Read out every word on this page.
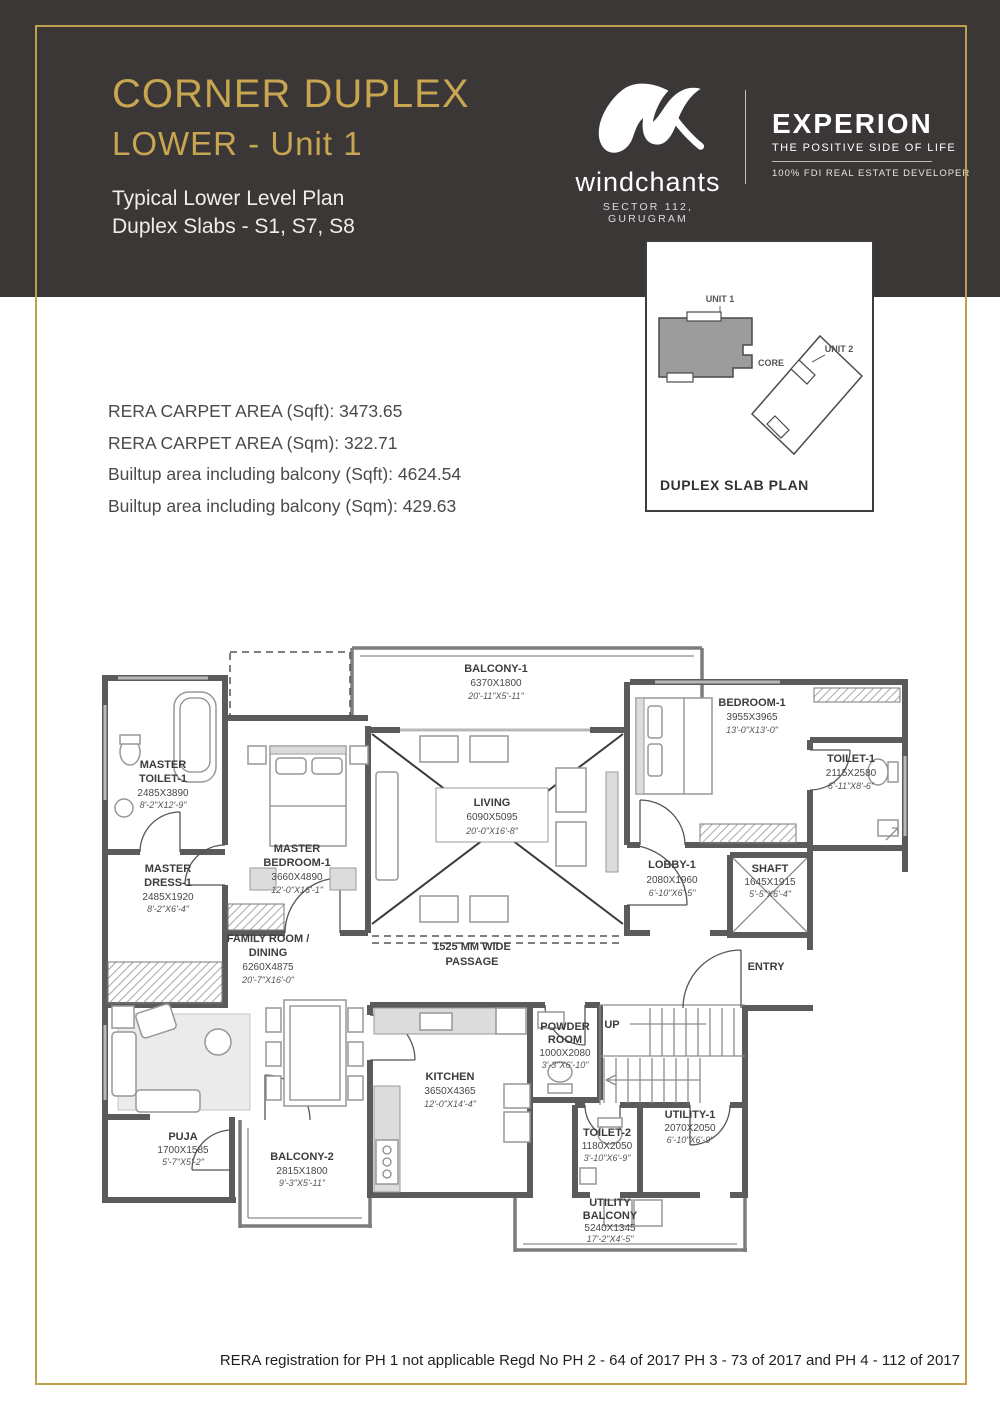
CORNER DUPLEX
LOWER - Unit 1
Typical Lower Level Plan
Duplex Slabs - S1, S7, S8
windchants
SECTOR 112, GURUGRAM
EXPERION
THE POSITIVE SIDE OF LIFE
100% FDI REAL ESTATE DEVELOPER
UNIT 1
CORE
UNIT 2
DUPLEX SLAB PLAN
RERA CARPET AREA (Sqft): 3473.65
RERA CARPET AREA (Sqm): 322.71
Builtup area including balcony (Sqft): 4624.54
Builtup area including balcony (Sqm): 429.63
MASTER
TOILET-1
2485X3890
8'-2"X12'-9"
MASTER
DRESS-1
2485X1920
8'-2"X6'-4"
MASTER
BEDROOM-1
3660X4890
12'-0"X16'-1"
BALCONY-1
6370X1800
20'-11"X5'-11"
LIVING
6090X5095
20'-0"X16'-8"
BEDROOM-1
3955X3965
13'-0"X13'-0"
TOILET-1
2115X2580
6'-11"X8'-6"
LOBBY-1
2080X1960
6'-10"X6'-5"
SHAFT
1645X1915
5'-5"X6'-4"
FAMILY ROOM /
DINING
6260X4875
20'-7"X16'-0"
1525 MM WIDE
PASSAGE
KITCHEN
3650X4365
12'-0"X14'-4"
POWDER
ROOM
1000X2080
3'-3"X6'-10"
TOILET-2
1180X2050
3'-10"X6'-9"
UTILITY-1
2070X2050
6'-10"X6'-9"
UTILITY
BALCONY
5240X1345
17'-2"X4'-5"
PUJA
1700X1585
5'-7"X5'-2"	BALCONY-2
2815X1800
9'-3"X5'-11"
ENTRY
UP
RERA registration for PH 1 not applicable Regd No PH 2 - 64 of 2017 PH 3 - 73 of 2017 and PH 4 - 112 of 2017
